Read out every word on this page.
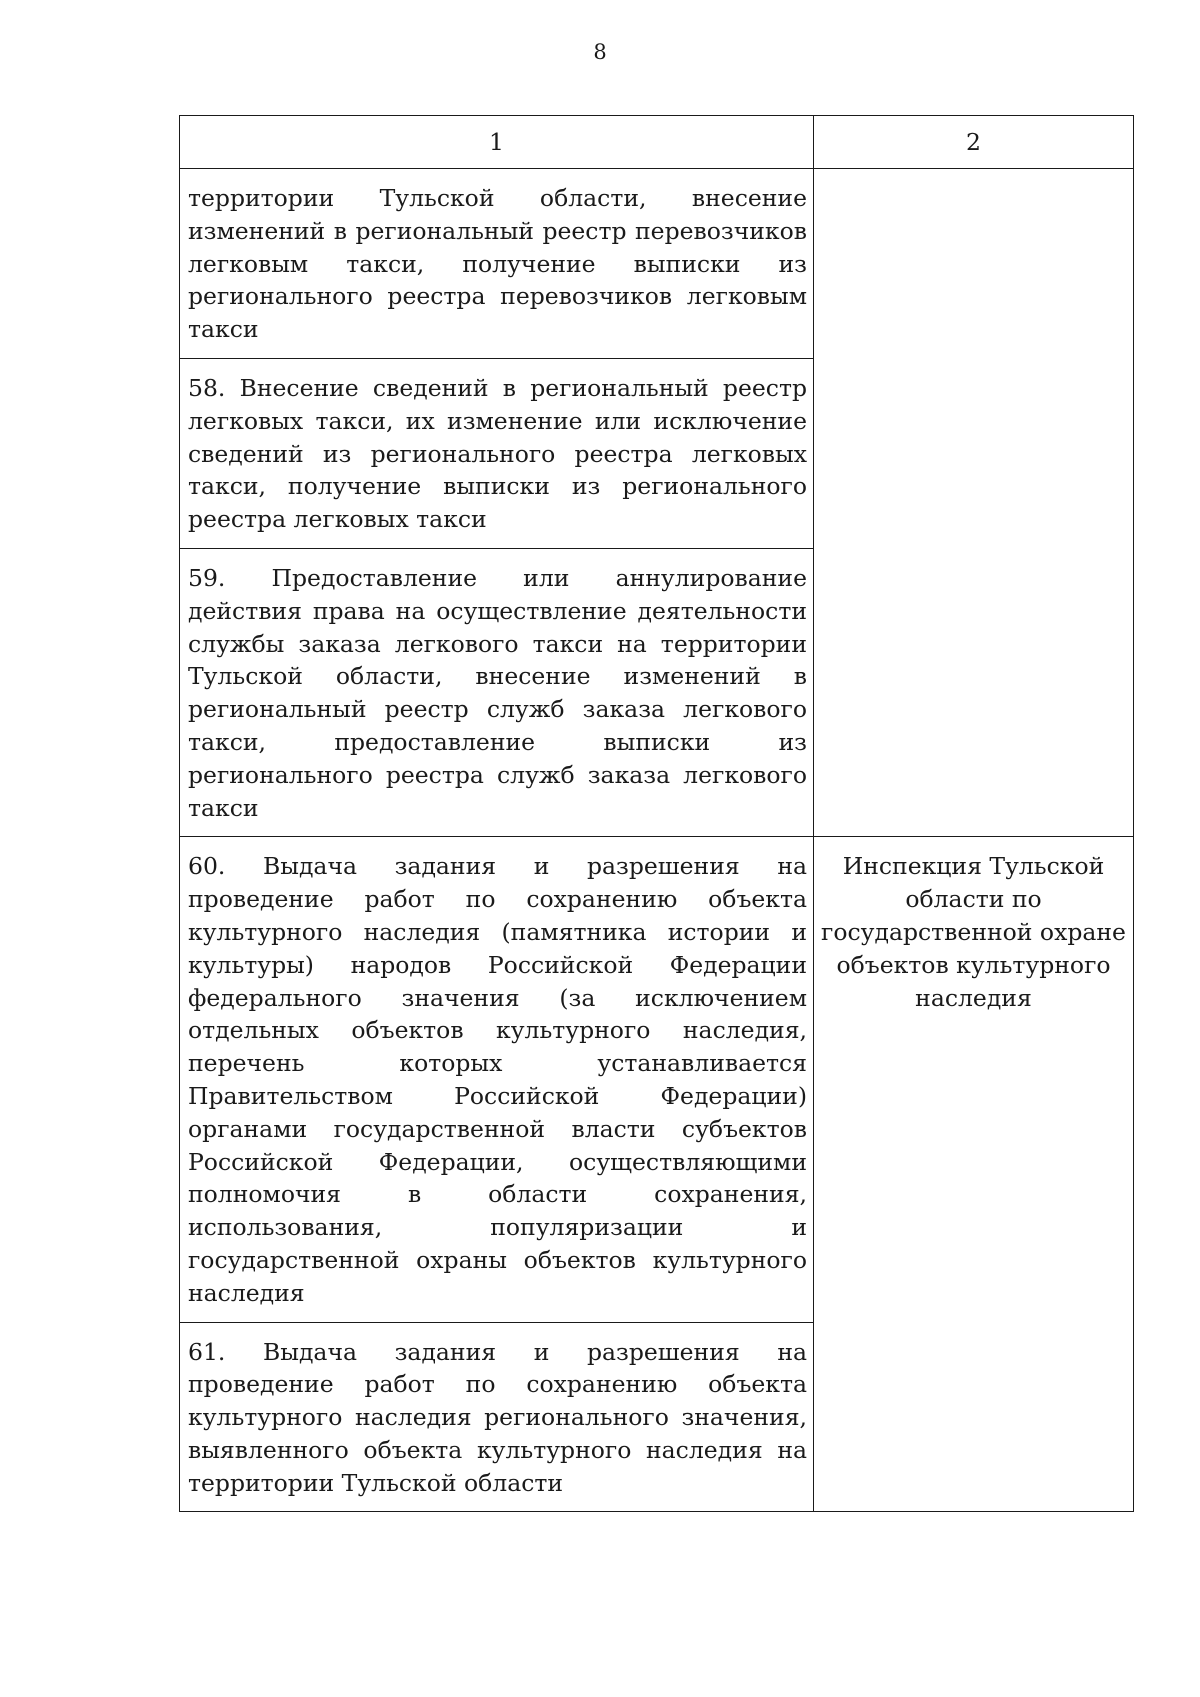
8
1	2
территории Тульской области, внесение изменений в региональный реестр перевозчиков легковым такси, получение выписки из регионального реестра перевозчиков легковым такси	
58. Внесение сведений в региональный реестр легковых такси, их изменение или исключение сведений из регионального реестра легковых такси, получение выписки из регионального реестра легковых такси	
59. Предоставление или аннулирование действия права на осуществление деятельности службы заказа легкового такси на территории Тульской области, внесение изменений в региональный реестр служб заказа легкового такси, предоставление выписки из регионального реестра служб заказа легкового такси	
60. Выдача задания и разрешения на проведение работ по сохранению объекта культурного наследия (памятника истории и культуры) народов Российской Федерации федерального значения (за исключением отдельных объектов культурного наследия, перечень которых устанавливается Правительством Российской Федерации) органами государственной власти субъектов Российской Федерации, осуществляющими полномочия в области сохранения, использования, популяризации и государственной охраны объектов культурного наследия	Инспекция Тульской области по государственной охране объектов культурного наследия
61. Выдача задания и разрешения на проведение работ по сохранению объекта культурного наследия регионального значения, выявленного объекта культурного наследия на территории Тульской области	
